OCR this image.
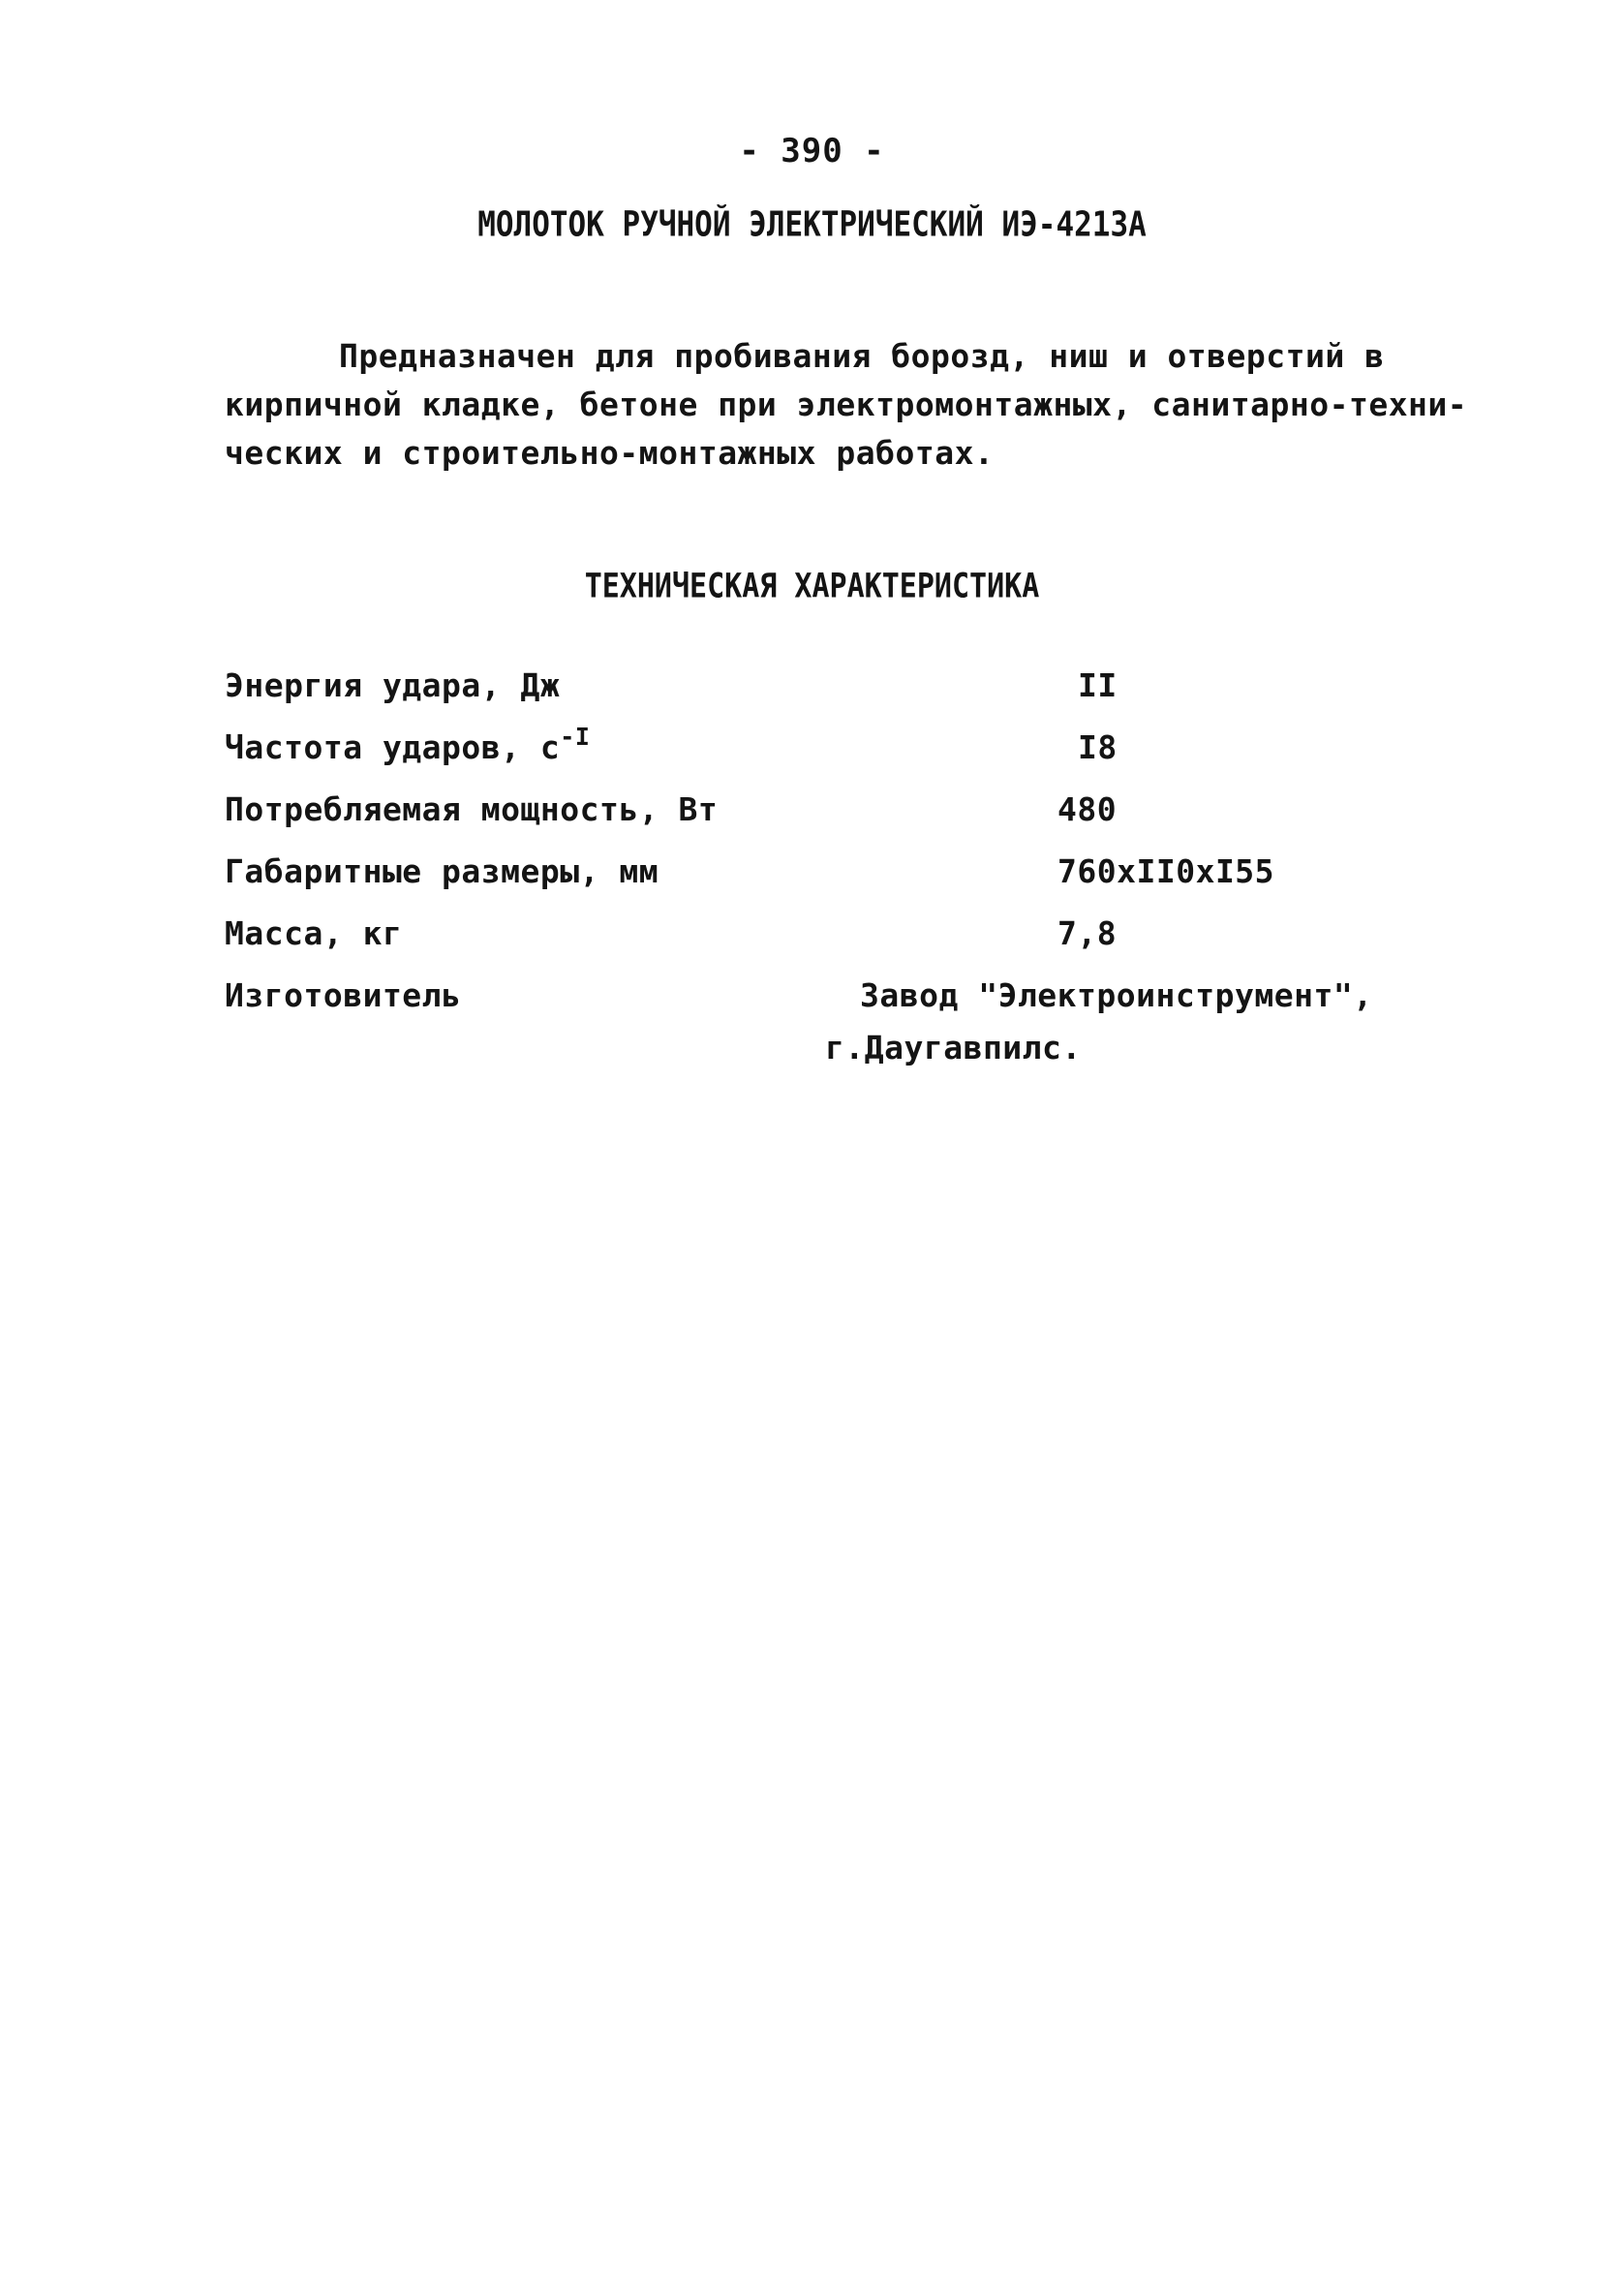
- 390 -
МОЛОТОК РУЧНОЙ ЭЛЕКТРИЧЕСКИЙ ИЭ-4213А
Предназначен для пробивания борозд, ниш и отверстий в
кирпичной кладке, бетоне при электромонтажных, санитарно-техни-
ческих и строительно-монтажных работах.
ТЕХНИЧЕСКАЯ ХАРАКТЕРИСТИКА
Энергия удара, Дж	II
Частота ударов, $с^{-I}$	I8
Потребляемая мощность, Вт	480
Габаритные размеры, мм	760xII0xI55
Масса, кг	7,8
Изготовитель	Завод "Электроинструмент",
г.Даугавпилс.
